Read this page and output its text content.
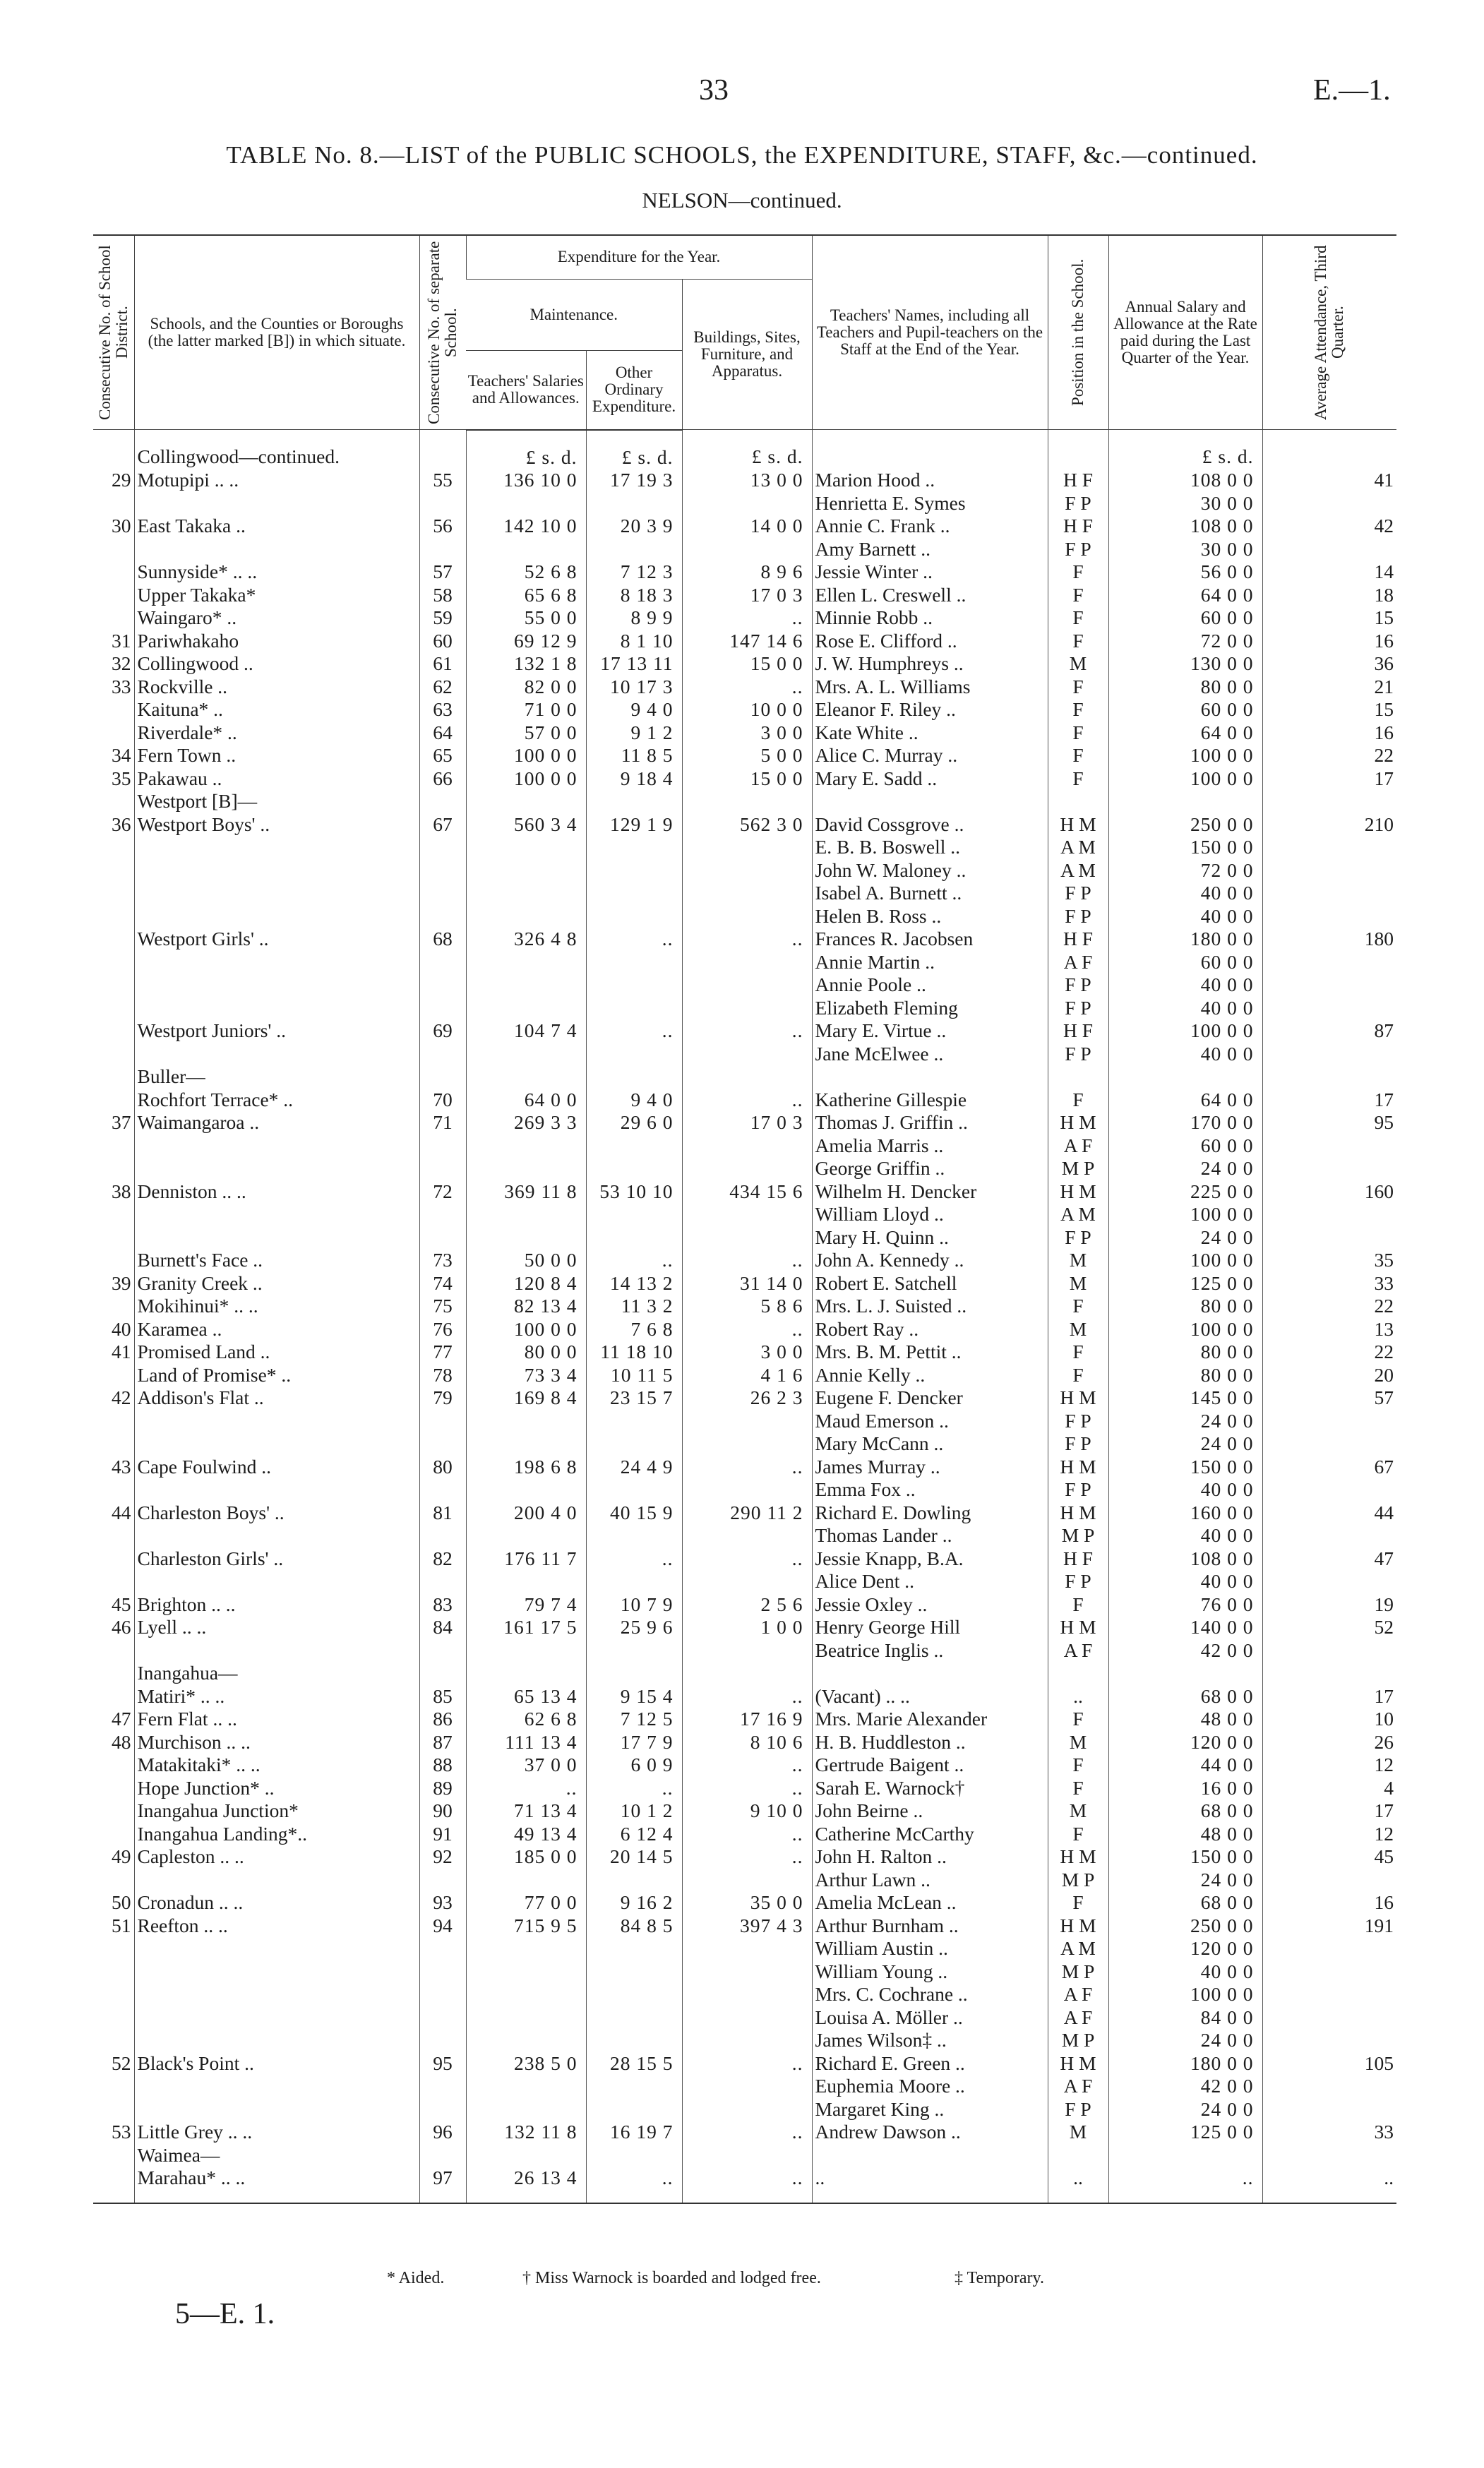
33	E.—1.
TABLE No. 8.—LIST of the PUBLIC SCHOOLS, the EXPENDITURE, STAFF, &c.—continued.
NELSON—continued.
Consecutive No. of School District.	Schools, and the Counties or Boroughs (the latter marked [B]) in which situate.	Consecutive No. of separate School.	Expenditure for the Year.			Teachers' Names, including all Teachers and Pupil-teachers on the Staff at the End of the Year.	Position in the School.	Annual Salary and Allowance at the Rate paid during the Last Quarter of the Year.	Average Attendance, Third Quarter.

			Maintenance.		Buildings, Sites, Furniture, and Apparatus.				
			Teachers' Salaries and Allowances.	Other Ordinary Expenditure.					
	Collingwood—continued.		£ s. d.	£ s. d.	£ s. d.			£ s. d.	
29	Motupipi .. ..	55	136 10 0	17 19 3	13 0 0	Marion Hood ..	H F	108 0 0	41
						Henrietta E. Symes	F P	30 0 0	
30	East Takaka ..	56	142 10 0	20 3 9	14 0 0	Annie C. Frank ..	H F	108 0 0	42
						Amy Barnett ..	F P	30 0 0	
	Sunnyside* .. ..	57	52 6 8	7 12 3	8 9 6	Jessie Winter ..	F	56 0 0	14
	Upper Takaka*	58	65 6 8	8 18 3	17 0 3	Ellen L. Creswell ..	F	64 0 0	18
	Waingaro* ..	59	55 0 0	8 9 9	..	Minnie Robb ..	F	60 0 0	15
31	Pariwhakaho	60	69 12 9	8 1 10	147 14 6	Rose E. Clifford ..	F	72 0 0	16
32	Collingwood ..	61	132 1 8	17 13 11	15 0 0	J. W. Humphreys ..	M	130 0 0	36
33	Rockville ..	62	82 0 0	10 17 3	..	Mrs. A. L. Williams	F	80 0 0	21
	Kaituna* ..	63	71 0 0	9 4 0	10 0 0	Eleanor F. Riley ..	F	60 0 0	15
	Riverdale* ..	64	57 0 0	9 1 2	3 0 0	Kate White ..	F	64 0 0	16
34	Fern Town ..	65	100 0 0	11 8 5	5 0 0	Alice C. Murray ..	F	100 0 0	22
35	Pakawau ..	66	100 0 0	9 18 4	15 0 0	Mary E. Sadd ..	F	100 0 0	17
	Westport [B]—								
36	Westport Boys' ..	67	560 3 4	129 1 9	562 3 0	David Cossgrove ..	H M	250 0 0	210
						E. B. B. Boswell ..	A M	150 0 0	
						John W. Maloney ..	A M	72 0 0	
						Isabel A. Burnett ..	F P	40 0 0	
						Helen B. Ross ..	F P	40 0 0	
	Westport Girls' ..	68	326 4 8	..	..	Frances R. Jacobsen	H F	180 0 0	180
						Annie Martin ..	A F	60 0 0	
						Annie Poole ..	F P	40 0 0	
						Elizabeth Fleming	F P	40 0 0	
	Westport Juniors' ..	69	104 7 4	..	..	Mary E. Virtue ..	H F	100 0 0	87
						Jane McElwee ..	F P	40 0 0	
	Buller—								
	Rochfort Terrace* ..	70	64 0 0	9 4 0	..	Katherine Gillespie	F	64 0 0	17
37	Waimangaroa ..	71	269 3 3	29 6 0	17 0 3	Thomas J. Griffin ..	H M	170 0 0	95
						Amelia Marris ..	A F	60 0 0	
						George Griffin ..	M P	24 0 0	
38	Denniston .. ..	72	369 11 8	53 10 10	434 15 6	Wilhelm H. Dencker	H M	225 0 0	160
						William Lloyd ..	A M	100 0 0	
						Mary H. Quinn ..	F P	24 0 0	
	Burnett's Face ..	73	50 0 0	..	..	John A. Kennedy ..	M	100 0 0	35
39	Granity Creek ..	74	120 8 4	14 13 2	31 14 0	Robert E. Satchell	M	125 0 0	33
	Mokihinui* .. ..	75	82 13 4	11 3 2	5 8 6	Mrs. L. J. Suisted ..	F	80 0 0	22
40	Karamea ..	76	100 0 0	7 6 8	..	Robert Ray ..	M	100 0 0	13
41	Promised Land ..	77	80 0 0	11 18 10	3 0 0	Mrs. B. M. Pettit ..	F	80 0 0	22
	Land of Promise* ..	78	73 3 4	10 11 5	4 1 6	Annie Kelly ..	F	80 0 0	20
42	Addison's Flat ..	79	169 8 4	23 15 7	26 2 3	Eugene F. Dencker	H M	145 0 0	57
						Maud Emerson ..	F P	24 0 0	
						Mary McCann ..	F P	24 0 0	
43	Cape Foulwind ..	80	198 6 8	24 4 9	..	James Murray ..	H M	150 0 0	67
						Emma Fox ..	F P	40 0 0	
44	Charleston Boys' ..	81	200 4 0	40 15 9	290 11 2	Richard E. Dowling	H M	160 0 0	44
						Thomas Lander ..	M P	40 0 0	
	Charleston Girls' ..	82	176 11 7	..	..	Jessie Knapp, B.A.	H F	108 0 0	47
						Alice Dent ..	F P	40 0 0	
45	Brighton .. ..	83	79 7 4	10 7 9	2 5 6	Jessie Oxley ..	F	76 0 0	19
46	Lyell .. ..	84	161 17 5	25 9 6	1 0 0	Henry George Hill	H M	140 0 0	52
						Beatrice Inglis ..	A F	42 0 0	
	Inangahua—								
	Matiri* .. ..	85	65 13 4	9 15 4	..	(Vacant) .. ..	..	68 0 0	17
47	Fern Flat .. ..	86	62 6 8	7 12 5	17 16 9	Mrs. Marie Alexander	F	48 0 0	10
48	Murchison .. ..	87	111 13 4	17 7 9	8 10 6	H. B. Huddleston ..	M	120 0 0	26
	Matakitaki* .. ..	88	37 0 0	6 0 9	..	Gertrude Baigent ..	F	44 0 0	12
	Hope Junction* ..	89	..	..	..	Sarah E. Warnock†	F	16 0 0	4
	Inangahua Junction*	90	71 13 4	10 1 2	9 10 0	John Beirne ..	M	68 0 0	17
	Inangahua Landing*..	91	49 13 4	6 12 4	..	Catherine McCarthy	F	48 0 0	12
49	Capleston .. ..	92	185 0 0	20 14 5	..	John H. Ralton ..	H M	150 0 0	45
						Arthur Lawn ..	M P	24 0 0	
50	Cronadun .. ..	93	77 0 0	9 16 2	35 0 0	Amelia McLean ..	F	68 0 0	16
51	Reefton .. ..	94	715 9 5	84 8 5	397 4 3	Arthur Burnham ..	H M	250 0 0	191
						William Austin ..	A M	120 0 0	
						William Young ..	M P	40 0 0	
						Mrs. C. Cochrane ..	A F	100 0 0	
						Louisa A. Möller ..	A F	84 0 0	
						James Wilson‡ ..	M P	24 0 0	
52	Black's Point ..	95	238 5 0	28 15 5	..	Richard E. Green ..	H M	180 0 0	105
						Euphemia Moore ..	A F	42 0 0	
						Margaret King ..	F P	24 0 0	
53	Little Grey .. ..	96	132 11 8	16 19 7	..	Andrew Dawson ..	M	125 0 0	33
	Waimea—								
	Marahau* .. ..	97	26 13 4	..	..	..	..	..	..
* Aided.	† Miss Warnock is boarded and lodged free.	‡ Temporary.
5—E. 1.
